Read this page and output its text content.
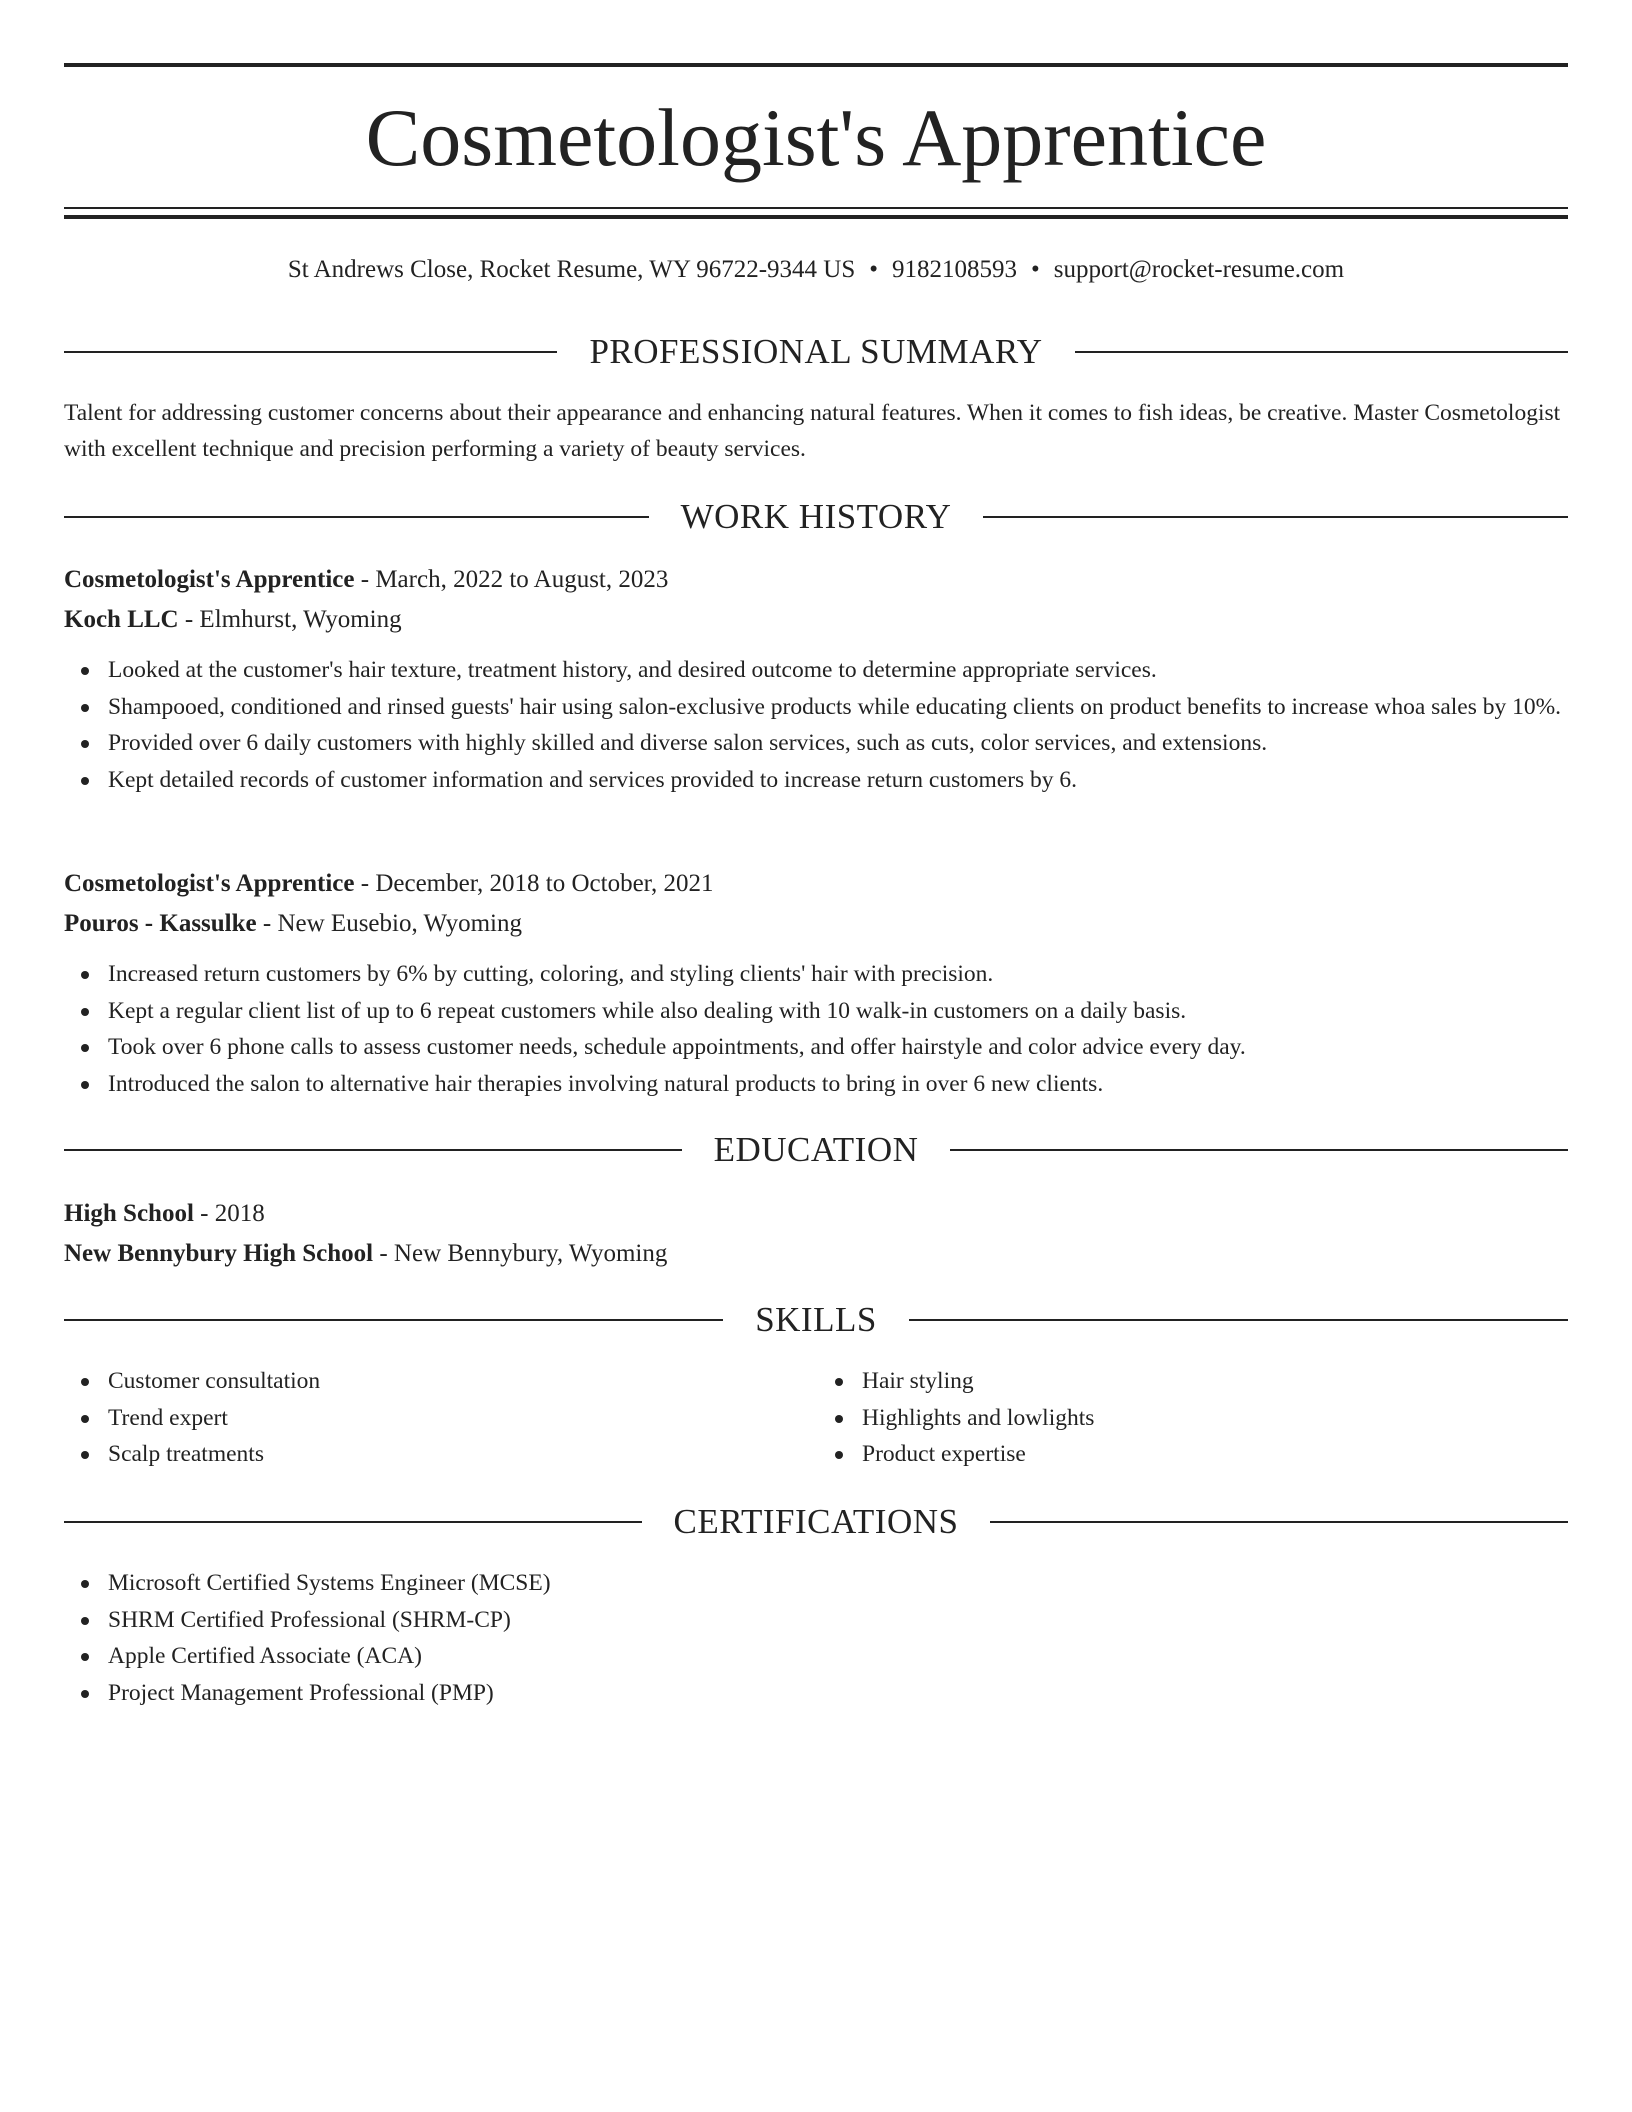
Cosmetologist's Apprentice
St Andrews Close, Rocket Resume, WY 96722-9344 US • 9182108593 • support@rocket-resume.com
PROFESSIONAL SUMMARY
Talent for addressing customer concerns about their appearance and enhancing natural features. When it comes to fish ideas, be creative. Master Cosmetologist with excellent technique and precision performing a variety of beauty services.
WORK HISTORY
Cosmetologist's Apprentice - March, 2022 to August, 2023
Koch LLC - Elmhurst, Wyoming
Looked at the customer's hair texture, treatment history, and desired outcome to determine appropriate services.
Shampooed, conditioned and rinsed guests' hair using salon-exclusive products while educating clients on product benefits to increase whoa sales by 10%.
Provided over 6 daily customers with highly skilled and diverse salon services, such as cuts, color services, and extensions.
Kept detailed records of customer information and services provided to increase return customers by 6.
Cosmetologist's Apprentice - December, 2018 to October, 2021
Pouros - Kassulke - New Eusebio, Wyoming
Increased return customers by 6% by cutting, coloring, and styling clients' hair with precision.
Kept a regular client list of up to 6 repeat customers while also dealing with 10 walk-in customers on a daily basis.
Took over 6 phone calls to assess customer needs, schedule appointments, and offer hairstyle and color advice every day.
Introduced the salon to alternative hair therapies involving natural products to bring in over 6 new clients.
EDUCATION
High School - 2018
New Bennybury High School - New Bennybury, Wyoming
SKILLS
Customer consultation
Trend expert
Scalp treatments
Hair styling
Highlights and lowlights
Product expertise
CERTIFICATIONS
Microsoft Certified Systems Engineer (MCSE)
SHRM Certified Professional (SHRM-CP)
Apple Certified Associate (ACA)
Project Management Professional (PMP)
